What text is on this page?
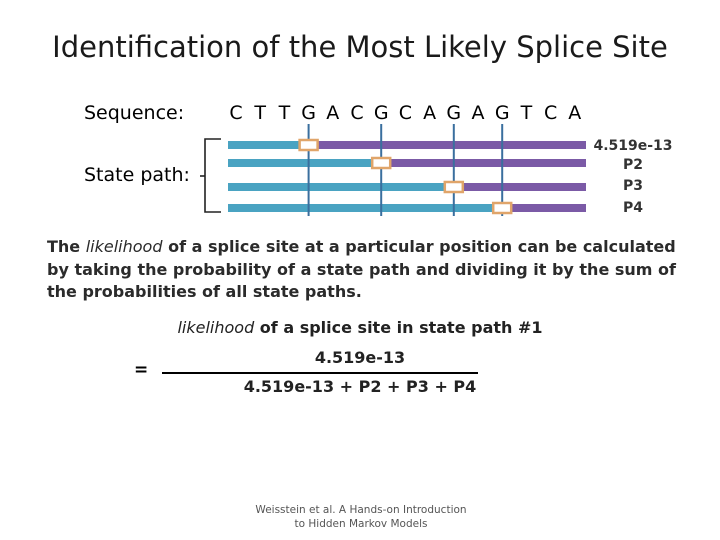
Identification of the Most Likely Splice Site
Sequence:
State path:
C T T G A C G C A G A G T C A
4.519e-13
P2
P3
P4
The likelihood of a splice site at a particular position can be calculated by taking the probability of a state path and dividing it by the sum of the probabilities of all state paths.
likelihood of a splice site in state path #1
4.519e-13
=
4.519e-13 + P2 + P3 + P4
Weisstein et al. A Hands-on Introduction to Hidden Markov Models
